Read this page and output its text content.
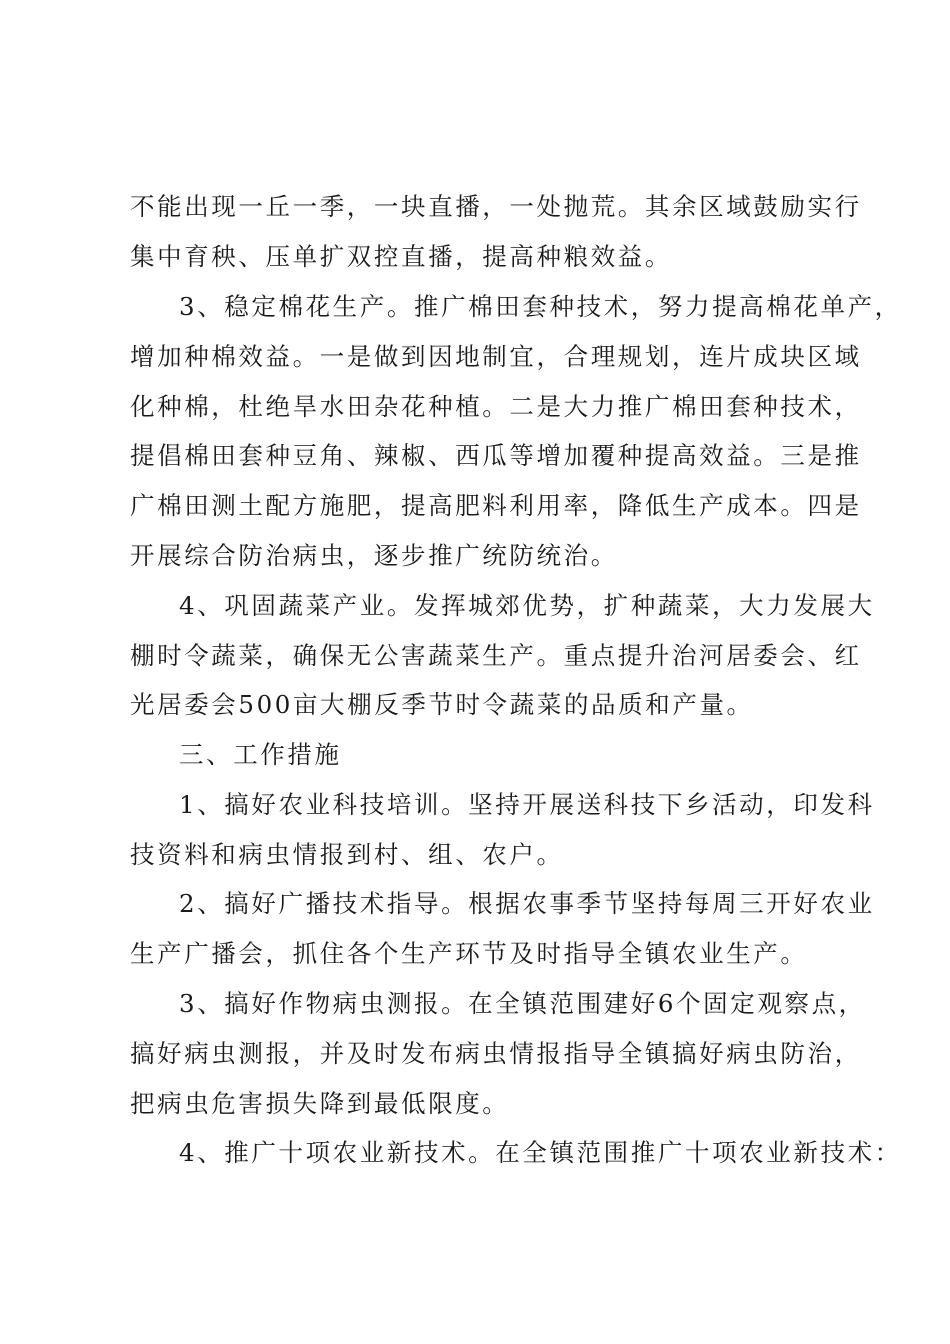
不能出现一丘一季，一块直播，一处抛荒。其余区域鼓励实行
集中育秧、压单扩双控直播，提高种粮效益。
3、稳定棉花生产。推广棉田套种技术，努力提高棉花单产，
增加种棉效益。一是做到因地制宜，合理规划，连片成块区域
化种棉，杜绝旱水田杂花种植。二是大力推广棉田套种技术，
提倡棉田套种豆角、辣椒、西瓜等增加覆种提高效益。三是推
广棉田测土配方施肥，提高肥料利用率，降低生产成本。四是
开展综合防治病虫，逐步推广统防统治。
4、巩固蔬菜产业。发挥城郊优势，扩种蔬菜，大力发展大
棚时令蔬菜，确保无公害蔬菜生产。重点提升治河居委会、红
光居委会500亩大棚反季节时令蔬菜的品质和产量。
三、工作措施
1、搞好农业科技培训。坚持开展送科技下乡活动，印发科
技资料和病虫情报到村、组、农户。
2、搞好广播技术指导。根据农事季节坚持每周三开好农业
生产广播会，抓住各个生产环节及时指导全镇农业生产。
3、搞好作物病虫测报。在全镇范围建好6个固定观察点，
搞好病虫测报，并及时发布病虫情报指导全镇搞好病虫防治，
把病虫危害损失降到最低限度。
4、推广十项农业新技术。在全镇范围推广十项农业新技术：
